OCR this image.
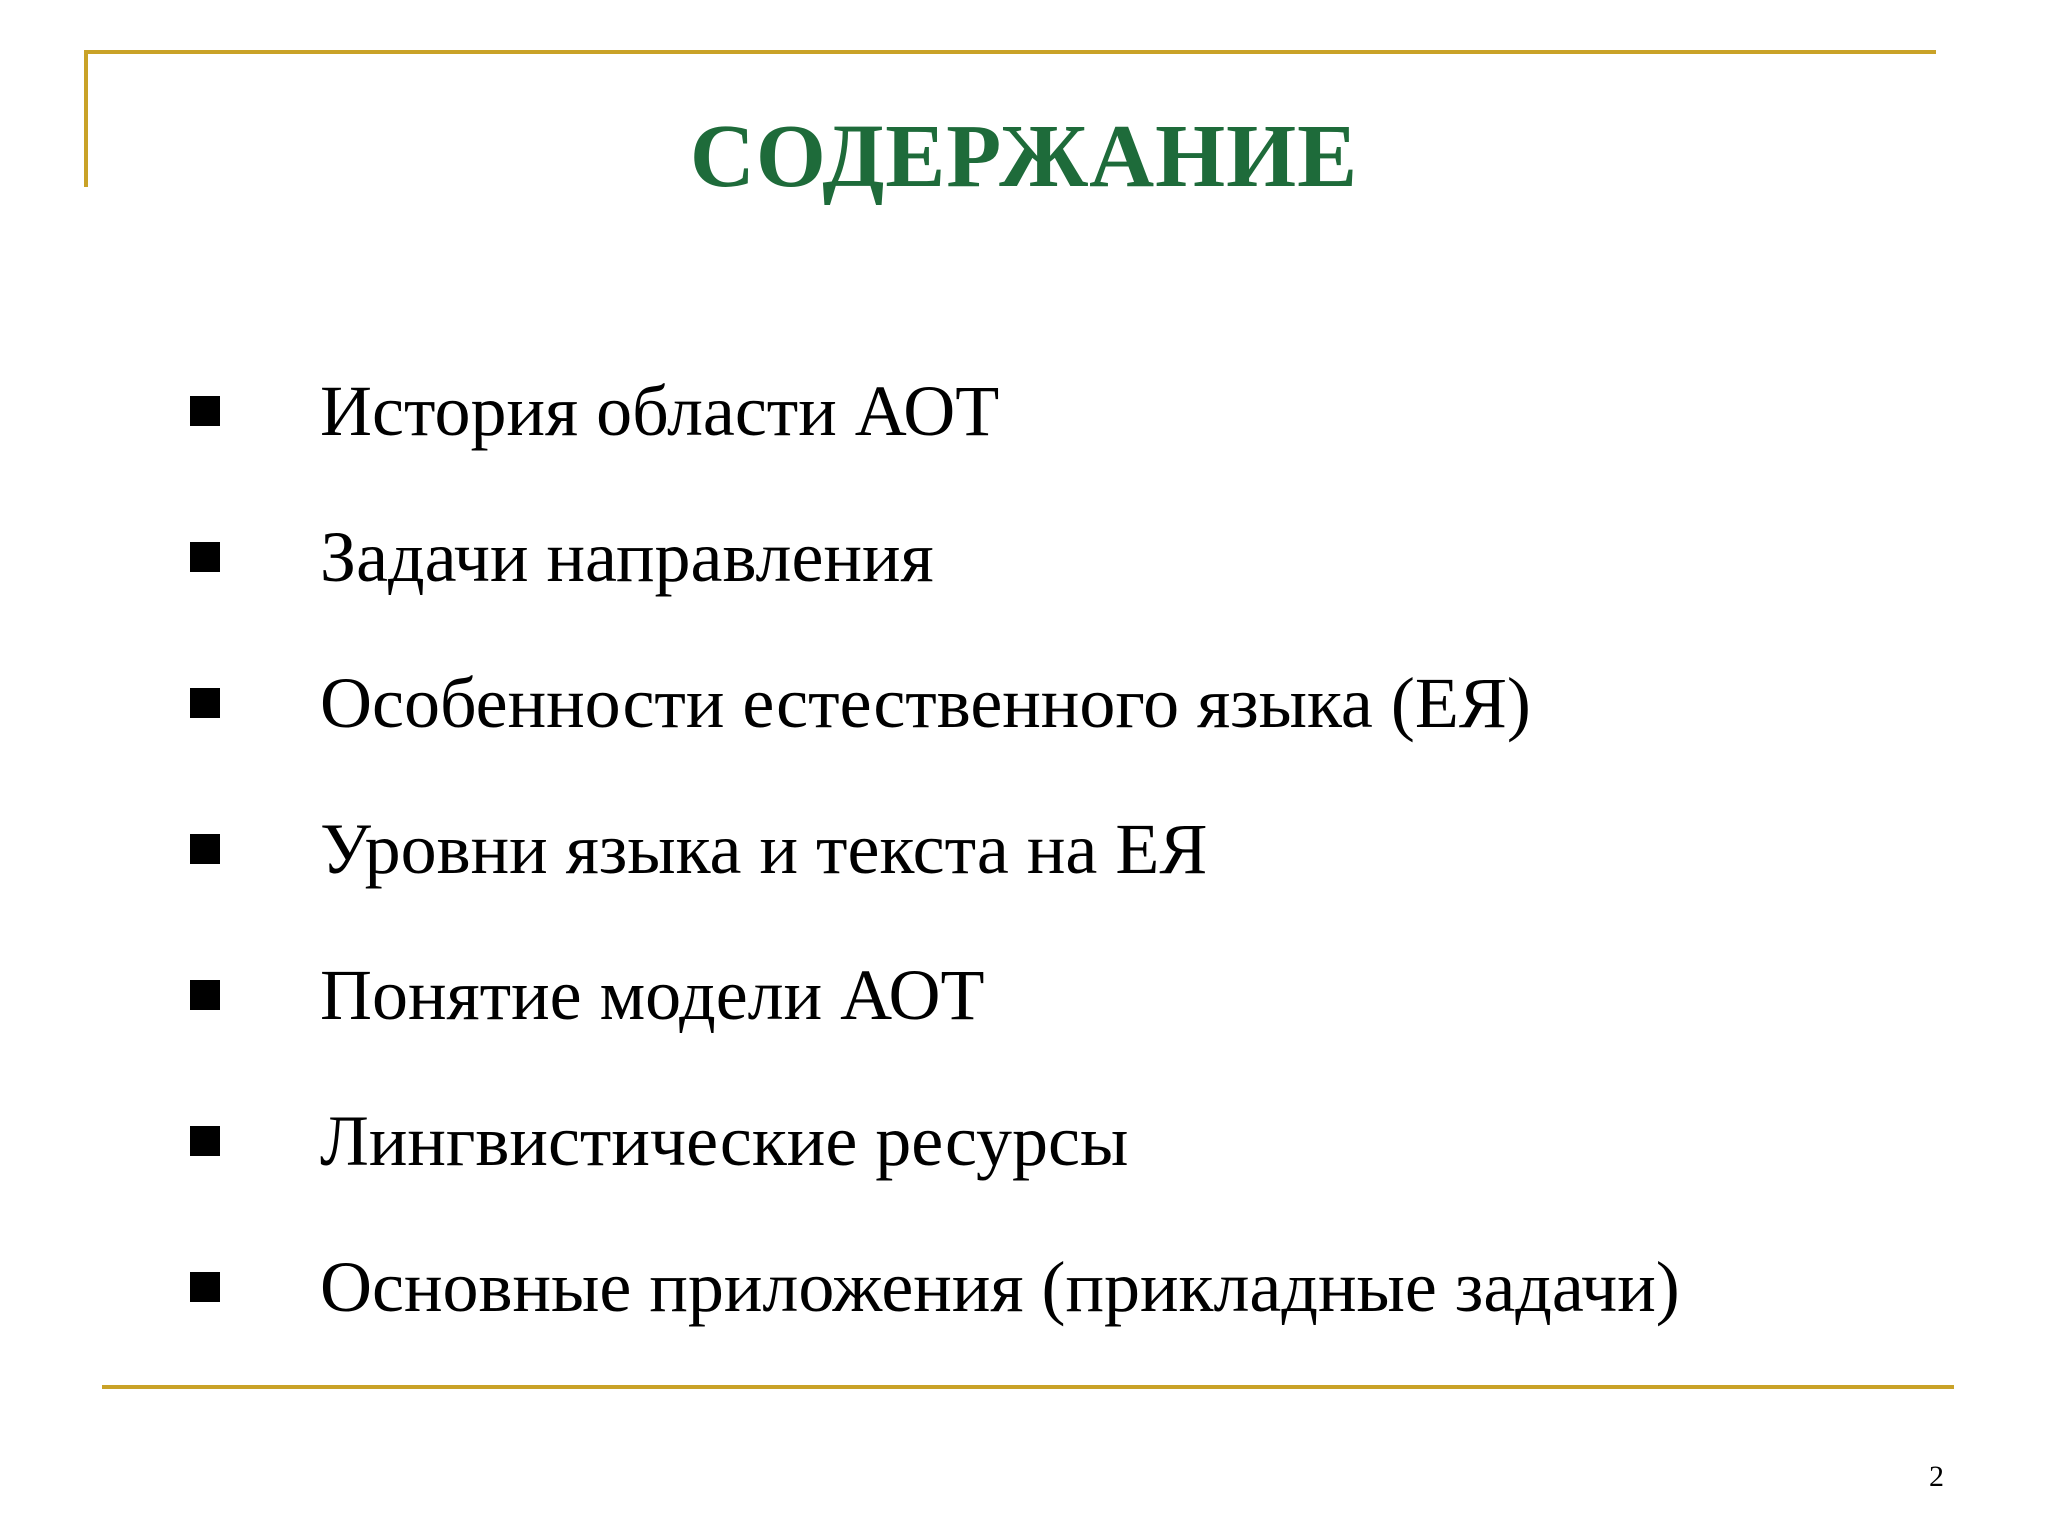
СОДЕРЖАНИЕ
История области АОТ
Задачи направления
Особенности естественного языка (ЕЯ)
Уровни языка и текста на ЕЯ
Понятие модели АОТ
Лингвистические ресурсы
Основные приложения (прикладные задачи)
2
